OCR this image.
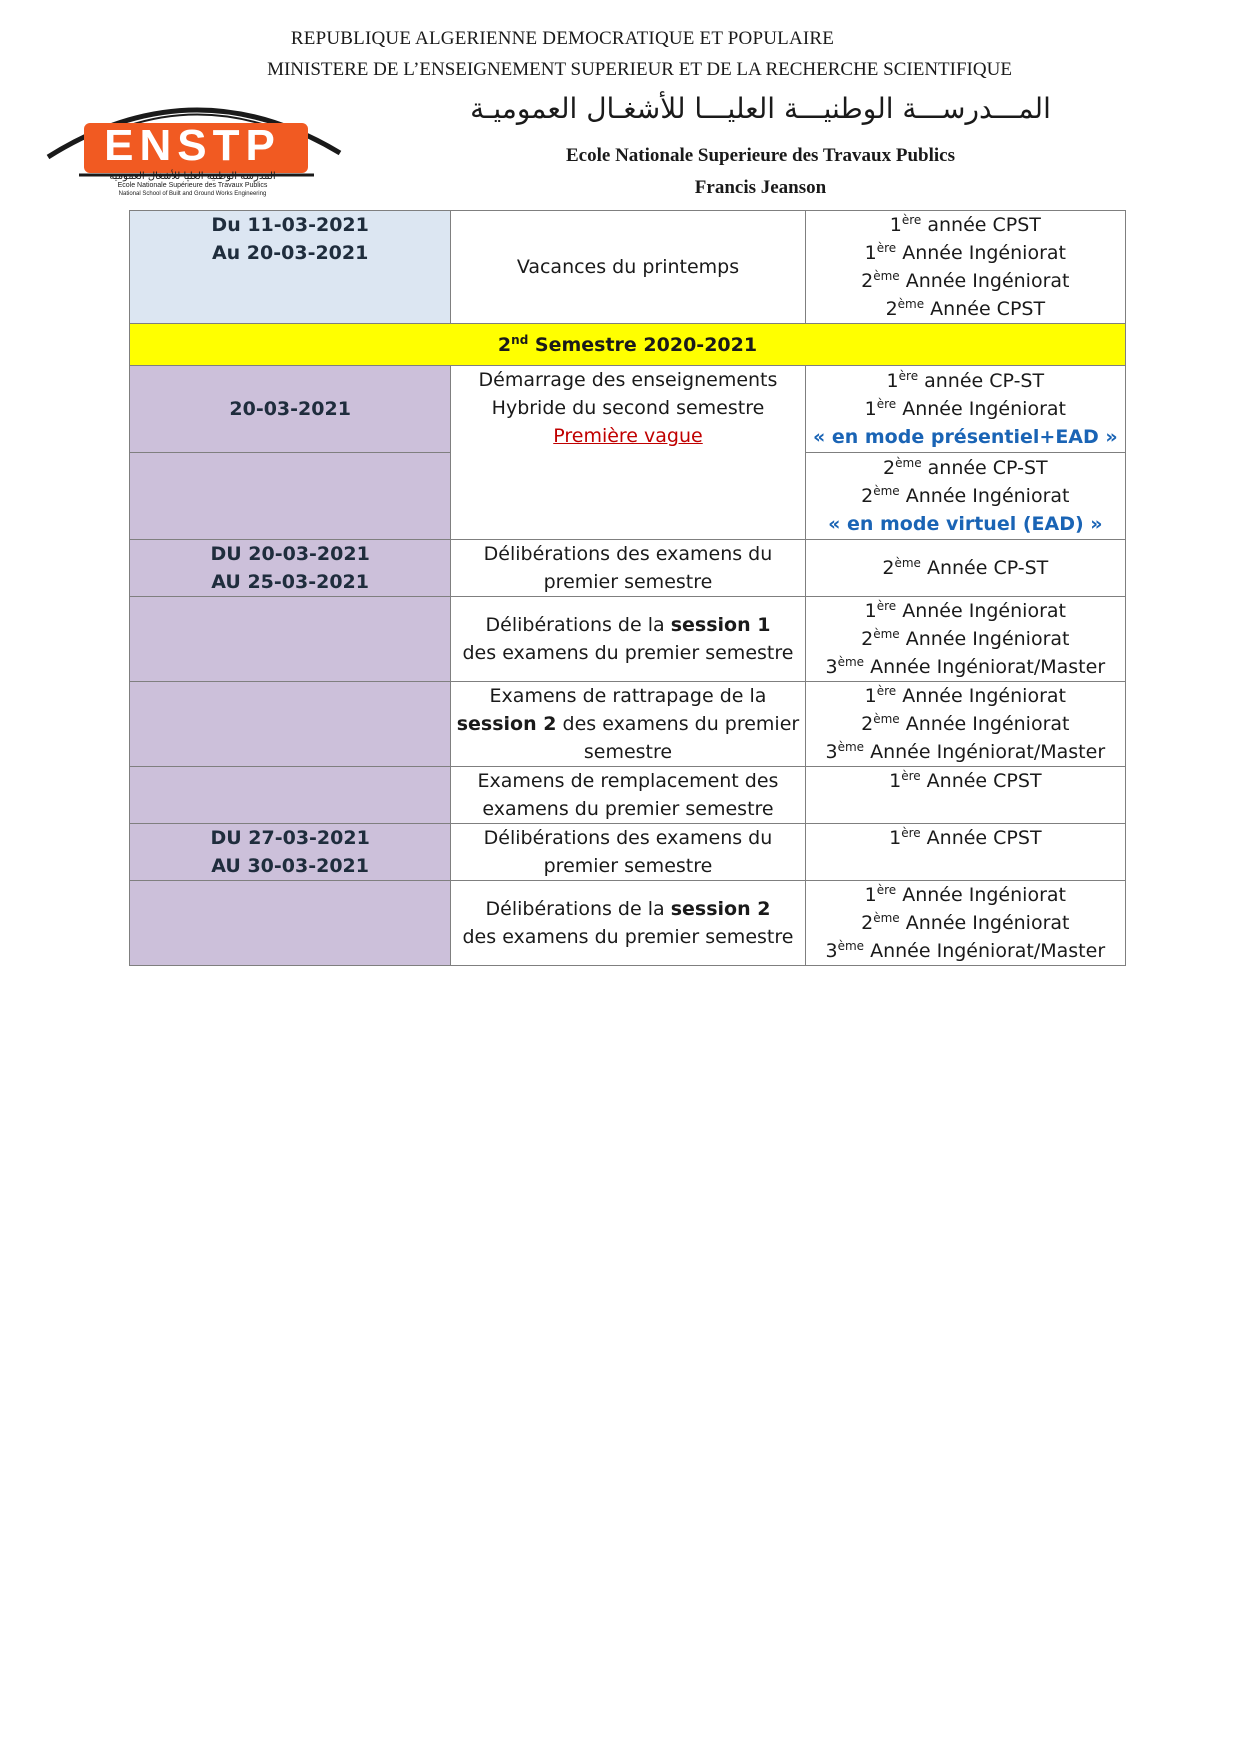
REPUBLIQUE ALGERIENNE DEMOCRATIQUE ET POPULAIRE
MINISTERE DE L’ENSEIGNEMENT SUPERIEUR ET DE LA RECHERCHE SCIENTIFIQUE
المـــدرســـة الوطنيـــة العليـــا للأشغـال العموميـة
Ecole Nationale Superieure des Travaux Publics
Francis Jeanson
ENSTP
المدرسة الوطنية العليا للأشغال العمومية
Ecole Nationale Supérieure des Travaux Publics
National School of Built and Ground Works Engineering
Du 11-03-2021
Au 20-03-2021	Vacances du printemps	1ère année CPST
1ère Année Ingéniorat
2ème Année Ingéniorat
2ème Année CPST

2nd Semestre 2020-2021		
20-03-2021	Démarrage des enseignements
Hybride du second semestre
Première vague	1ère année CP-ST
1ère Année Ingéniorat
« en mode présentiel+EAD »

		2ème année CP-ST
2ème Année Ingéniorat
« en mode virtuel (EAD) »

DU 20-03-2021
AU 25-03-2021	Délibérations des examens du
premier semestre	2ème Année CP-ST

	Délibérations de la session 1
des examens du premier semestre	1ère Année Ingéniorat
2ème Année Ingéniorat
3ème Année Ingéniorat/Master

	Examens de rattrapage de la
session 2 des examens du premier
semestre	1ère Année Ingéniorat
2ème Année Ingéniorat
3ème Année Ingéniorat/Master

	Examens de remplacement des
examens du premier semestre	1ère Année CPST

DU 27-03-2021
AU 30-03-2021	Délibérations des examens du
premier semestre	1ère Année CPST

	Délibérations de la session 2
des examens du premier semestre	1ère Année Ingéniorat
2ème Année Ingéniorat
3ème Année Ingéniorat/Master
